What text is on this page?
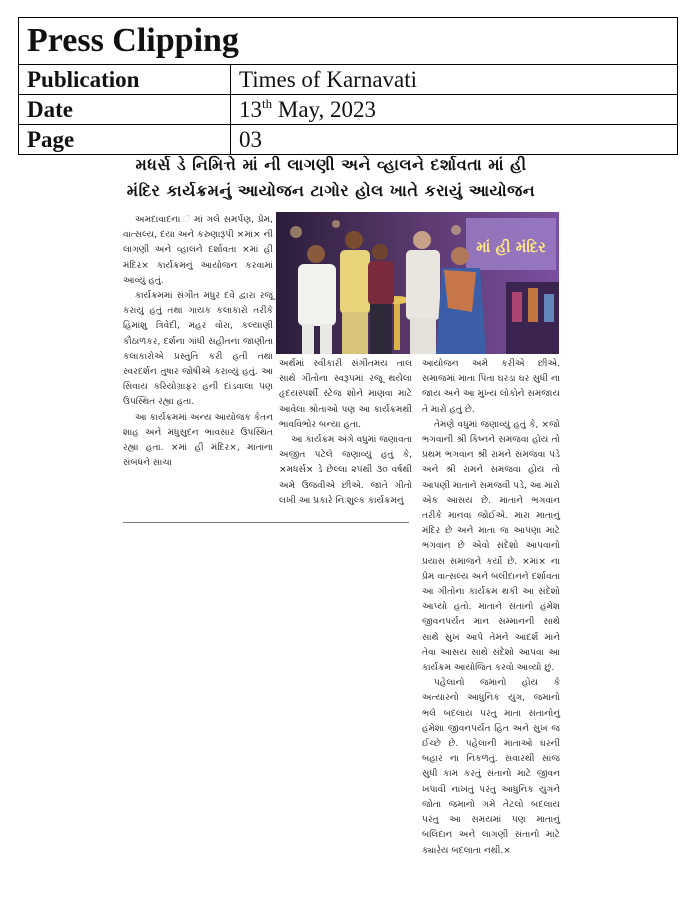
Press Clipping
Publication	Times of Karnavati
Date	13th May, 2023
Page	03
મધર્સ ડે નિમિત્તે માં ની લાગણી અને વ્હાલને દર્શાવતા માં હી
મંદિર કાર્યક્રમનું આયોજન ટાગોર હોલ ખાતે કરાયું આયોજન
માં હી મંદિર

અમદાવાદના ં માં ગલે સમર્પણ, પ્રેમ, વાત્સલ્ય, દયા અને કરુણારૂપી ×માં× ની લાગણી અને વ્હાલને દર્શાવતા ×માં હી મંદિર× કાર્યક્રમનું આયોજન કરવામાં આવ્યું હતું.

કાર્યક્રમમાં સંગીત મધુર દવે દ્વારા રજૂ કરાયું હતું તથા ગાયક કલાકારો તરીકે હિમાંશુ ત્રિવેદી, મહર વોરા, કલ્યાણી કૌઠાળકર, દર્શના ગાંધી સહીતના જાણીતા કલાકારોએ પ્રસ્તુતિ કરી હતી તથા સ્વરદર્શન તુષાર જોષીએ કરાવ્યું હતું. આ સિવાય કરિયોગ્રાફર હની દાંડવાલા પણ ઉપસ્થિત રહ્યા હતા.

આ કાર્યક્રમમાં અન્ય આયોજક કેતન શાહ અને મધુસુદન ભાવસાર ઉપસ્થિત રહ્યા હતા. ×માં હી મંદિર×, માતાના સંબંધને સાચા

અર્થમાં સ્વીકારી સંગીતમય તાલ સાથે ગીતોના સ્વરૂપમાં રજૂ થયેલા હૃદયસ્પર્શી સ્ટેજ શોને માણવા માટે આવેલા શ્રોતાઓ પણ આ કાર્યક્રમથી ભાવવિભોર બન્યા હતા.

આ કાર્યક્રમ અંગે વધુમાં જણાવતા અજીત પટેલે જણાવ્યું હતું કે, ×મધર્સ× ડે છેલ્લા ૨૫થી ૩૦ વર્ષથી અમે ઉજવીએ છીએ. જાતે ગીતો લખી આ પ્રકારે નિઃશુલ્ક કાર્યક્રમનું

આયોજન અમે કરીએ છીએ. સમાજમાં માતા પિતા ઘરડા ઘર સુધી ના જાય અને આ મુખ્ય લોકોને સમજાય તે મારો હતું છે.

તેમણે વધુમાં જણાવ્યું હતું કે, ×જો ભગવાની શ્રી કિષ્નને સમજવા હોય તો પ્રથમ ભગવાન શ્રી રામને સમજવા પડે અને શ્રી રામને સમજવા હોય તો આપણી માતાને સમજવી પડે, આ મારો એક આસય છે. માતાને ભગવાન તરીકે માનવા જોઈએ. મારા માતાનું મંદિર છે અને માતા જ આપણા માટે ભગવાન છે એવો સંદેશો આપવાનો પ્રયાસ સમાજને કર્યો છે. ×માં× ના પ્રેમ વાત્સલ્ય અને બલીદાનને દર્શાવતા આ ગીતોના કાર્યક્રમ થકી આ સંદેશો આપ્યો હતો. માતાને સંતાનો હંમેશ જીવનપર્યત માન સમ્માનની સાથે સાથે સુખ આપે તેમને આદર્શ માને તેવા આસય સાથે સંદેશો આપવા આ કાર્યક્રમ આયોજિત કરવો આવ્યો છું.

પહેલાનો જમાનો હોય કે અત્યારનો આધુનિક યુગ, જમાનો ભલે બદલાય પરંતુ માતા સંતાનોનું હંમેશા જીવનપર્યત હિત અને સુખ જ ઈચ્છે છે. પહેલાની માતાઓ ઘરની બહાર ના નિકળતું. સવારથી સાંજ સુધી કામ કરતું સંતાનો માટે જીવન ખપાવી નાખતું પરંતુ આધુનિક યુગને જોતા જમાનો ગમે તેટલો બદલાય પરંતુ આ સમયમાં પણ માતાનું બલિદાન અને લાગણી સંતાનો માટે ક્યારેય બદલાતા નથી.×
